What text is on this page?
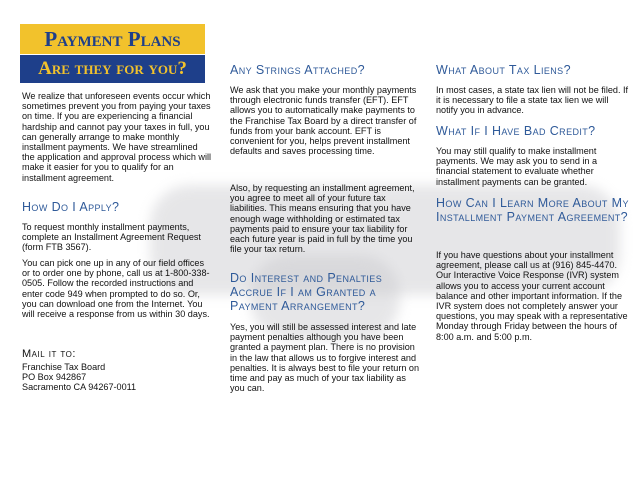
Payment Plans
Are they for you?
We realize that unforeseen events occur which sometimes prevent you from paying your taxes on time. If you are experiencing a financial hardship and cannot pay your taxes in full, you can generally arrange to make monthly installment payments. We have streamlined the application and approval process which will make it easier for you to qualify for an installment agreement.
How Do I Apply?
To request monthly installment payments, complete an Installment Agreement Request (form FTB 3567).
You can pick one up in any of our field offices or to order one by phone, call us at 1-800-338-0505. Follow the recorded instructions and enter code 949 when prompted to do so. Or, you can download one from the Internet. You will receive a response from us within 30 days.
Mail it to:
Franchise Tax Board
PO Box 942867
Sacramento CA 94267-0011
Any Strings Attached?
We ask that you make your monthly payments through electronic funds transfer (EFT). EFT allows you to automatically make payments to the Franchise Tax Board by a direct transfer of funds from your bank account. EFT is convenient for you, helps prevent installment defaults and saves processing time.
Also, by requesting an installment agreement, you agree to meet all of your future tax liabilities. This means ensuring that you have enough wage withholding or estimated tax payments paid to ensure your tax liability for each future year is paid in full by the time you file your tax return.
Do Interest and Penalties Accrue If I am Granted a Payment Arrangement?
Yes, you will still be assessed interest and late payment penalties although you have been granted a payment plan. There is no provision in the law that allows us to forgive interest and penalties. It is always best to file your return on time and pay as much of your tax liability as you can.
What About Tax Liens?
In most cases, a state tax lien will not be filed. If it is necessary to file a state tax lien we will notify you in advance.
What If I Have Bad Credit?
You may still qualify to make installment payments. We may ask you to send in a financial statement to evaluate whether installment payments can be granted.
How Can I Learn More About My Installment Payment Agreement?
If you have questions about your installment agreement, please call us at (916) 845-4470. Our Interactive Voice Response (IVR) system allows you to access your current account balance and other important information. If the IVR system does not completely answer your questions, you may speak with a representative Monday through Friday between the hours of 8:00 a.m. and 5:00 p.m.
